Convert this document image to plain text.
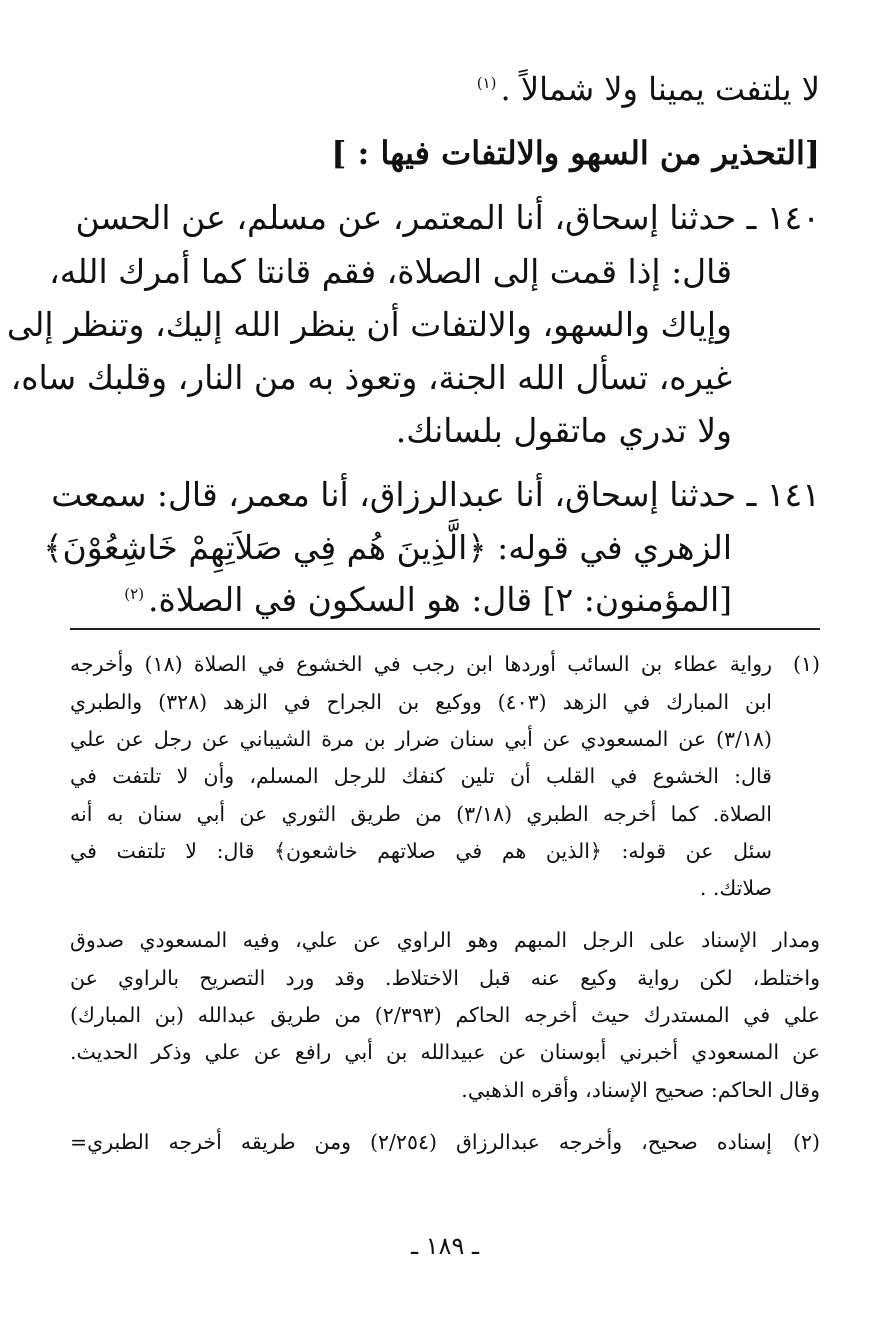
لا يلتفت يمينا ولا شمالاً .$^{(١)}$
[التحذير من السهو والالتفات فيها : ]
١٤٠ ـ حدثنا إسحاق، أنا المعتمر، عن مسلم، عن الحسن
قال: إذا قمت إلى الصلاة، فقم قانتا كما أمرك الله،
وإياك والسهو، والالتفات أن ينظر الله إليك، وتنظر إلى
غيره، تسأل الله الجنة، وتعوذ به من النار، وقلبك ساه،
ولا تدري ماتقول بلسانك.
١٤١ ـ حدثنا إسحاق، أنا عبدالرزاق، أنا معمر، قال: سمعت
الزهري في قوله: ﴿الَّذِينَ هُم فِي صَلاَتِهِمْ خَاشِعُوْنَ﴾
[المؤمنون: ٢] قال: هو السكون في الصلاة.$^{(٢)}$
(١)
رواية عطاء بن السائب أوردها ابن رجب في الخشوع في الصلاة (١٨) وأخرجه
ابن المبارك في الزهد (٤٠٣) ووكيع بن الجراح في الزهد (٣٢٨) والطبري
(٣/١٨) عن المسعودي عن أبي سنان ضرار بن مرة الشيباني عن رجل عن علي
قال: الخشوع في القلب أن تلين كنفك للرجل المسلم، وأن لا تلتفت في
الصلاة. كما أخرجه الطبري (٣/١٨) من طريق الثوري عن أبي سنان به أنه
سئل عن قوله: ﴿الذين هم في صلاتهم خاشعون﴾ قال: لا تلتفت في
صلاتك. .
ومدار الإسناد على الرجل المبهم وهو الراوي عن علي، وفيه المسعودي صدوق
واختلط، لكن رواية وكيع عنه قبل الاختلاط. وقد ورد التصريح بالراوي عن
علي في المستدرك حيث أخرجه الحاكم (٢/٣٩٣) من طريق عبدالله (بن المبارك)
عن المسعودي أخبرني أبوسنان عن عبيدالله بن أبي رافع عن علي وذكر الحديث.
وقال الحاكم: صحيح الإسناد، وأقره الذهبي.
(٢)
إسناده صحيح، وأخرجه عبدالرزاق (٢/٢٥٤) ومن طريقه أخرجه الطبري=
ـ ١٨٩ ـ
